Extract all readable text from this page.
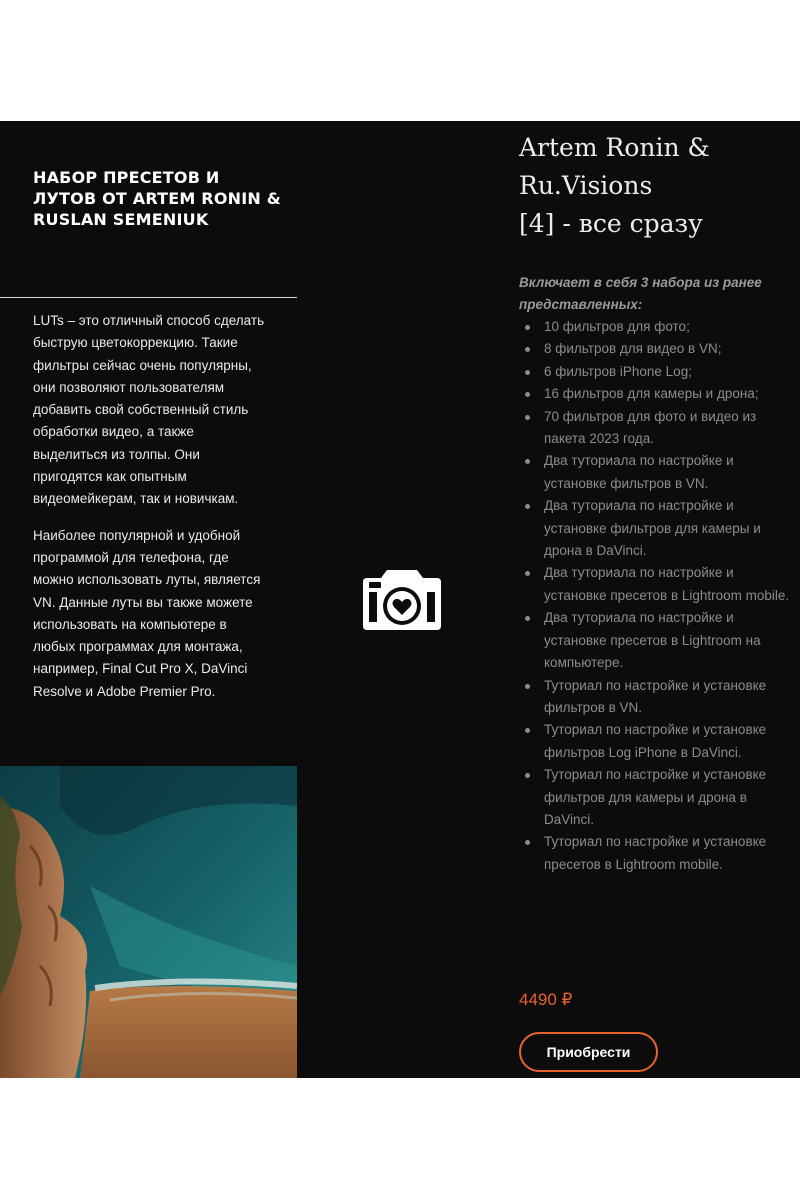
НАБОР ПРЕСЕТОВ И ЛУТОВ ОТ ARTEM RONIN & RUSLAN SEMENIUK

LUTs – это отличный способ сделать быструю цветокоррекцию. Такие фильтры сейчас очень популярны, они позволяют пользователям добавить свой собственный стиль обработки видео, а также выделиться из толпы. Они пригодятся как опытным видеомейкерам, так и новичкам.

Наиболее популярной и удобной программой для телефона, где можно использовать луты, является VN. Данные луты вы также можете использовать на компьютере в любых программах для монтажа, например, Final Cut Pro X, DaVinci Resolve и Adobe Premier Pro.

Artem Ronin &
Ru.Visions
[4] - все сразу
Включает в себя 3 набора из ранее представленных:
10 фильтров для фото;
8 фильтров для видео в VN;
6 фильтров iPhone Log;
16 фильтров для камеры и дрона;
70 фильтров для фото и видео из пакета 2023 года.
Два туториала по настройке и установке фильтров в VN.
Два туториала по настройке и установке фильтров для камеры и дрона в DaVinci.
Два туториала по настройке и установке пресетов в Lightroom mobile.
Два туториала по настройке и установке пресетов в Lightroom на компьютере.
Туториал по настройке и установке фильтров в VN.
Туториал по настройке и установке фильтров Log iPhone в DaVinci.
Туториал по настройке и установке фильтров для камеры и дрона в DaVinci.
Туториал по настройке и установке пресетов в Lightroom mobile.
4490 ₽
Приобрести
